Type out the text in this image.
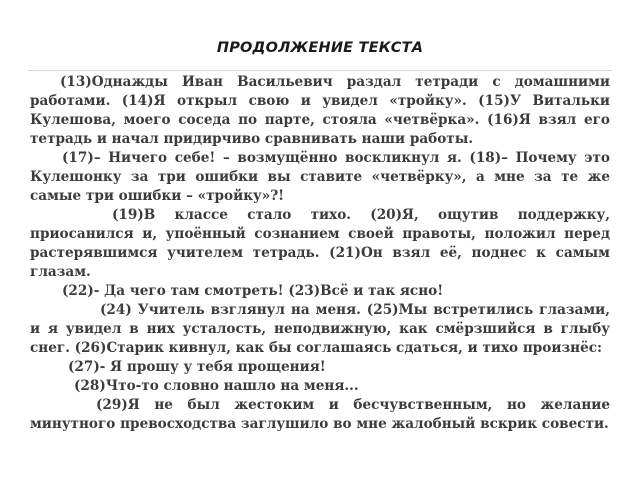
ПРОДОЛЖЕНИЕ ТЕКСТА

(13)Однажды Иван Васильевич раздал тетради с домашними работами. (14)Я открыл свою и увидел «тройку». (15)У Витальки Кулешова, моего соседа по парте, стояла «четвёрка». (16)Я взял его тетрадь и начал придирчиво сравнивать наши работы.

(17)– Ничего себе! – возмущённо воскликнул я. (18)– Почему это Кулешонку за три ошибки вы ставите «четвёрку», а мне за те же самые три ошибки – «тройку»?!

(19)В классе стало тихо. (20)Я, ощутив поддержку, приосанился и, упоённый сознанием своей правоты, положил перед растерявшимся учителем тетрадь. (21)Он взял её, поднес к самым глазам.

(22)- Да чего там смотреть! (23)Всё и так ясно!

(24) Учитель взглянул на меня. (25)Мы встретились глазами, и я увидел в них усталость, неподвижную, как смёрзшийся в глыбу снег. (26)Старик кивнул, как бы соглашаясь сдаться, и тихо произнёс:

(27)- Я прошу у тебя прощения!

(28)Что-то словно нашло на меня...

(29)Я не был жестоким и бесчувственным, но желание минутного превосходства заглушило во мне жалобный вскрик совести.
